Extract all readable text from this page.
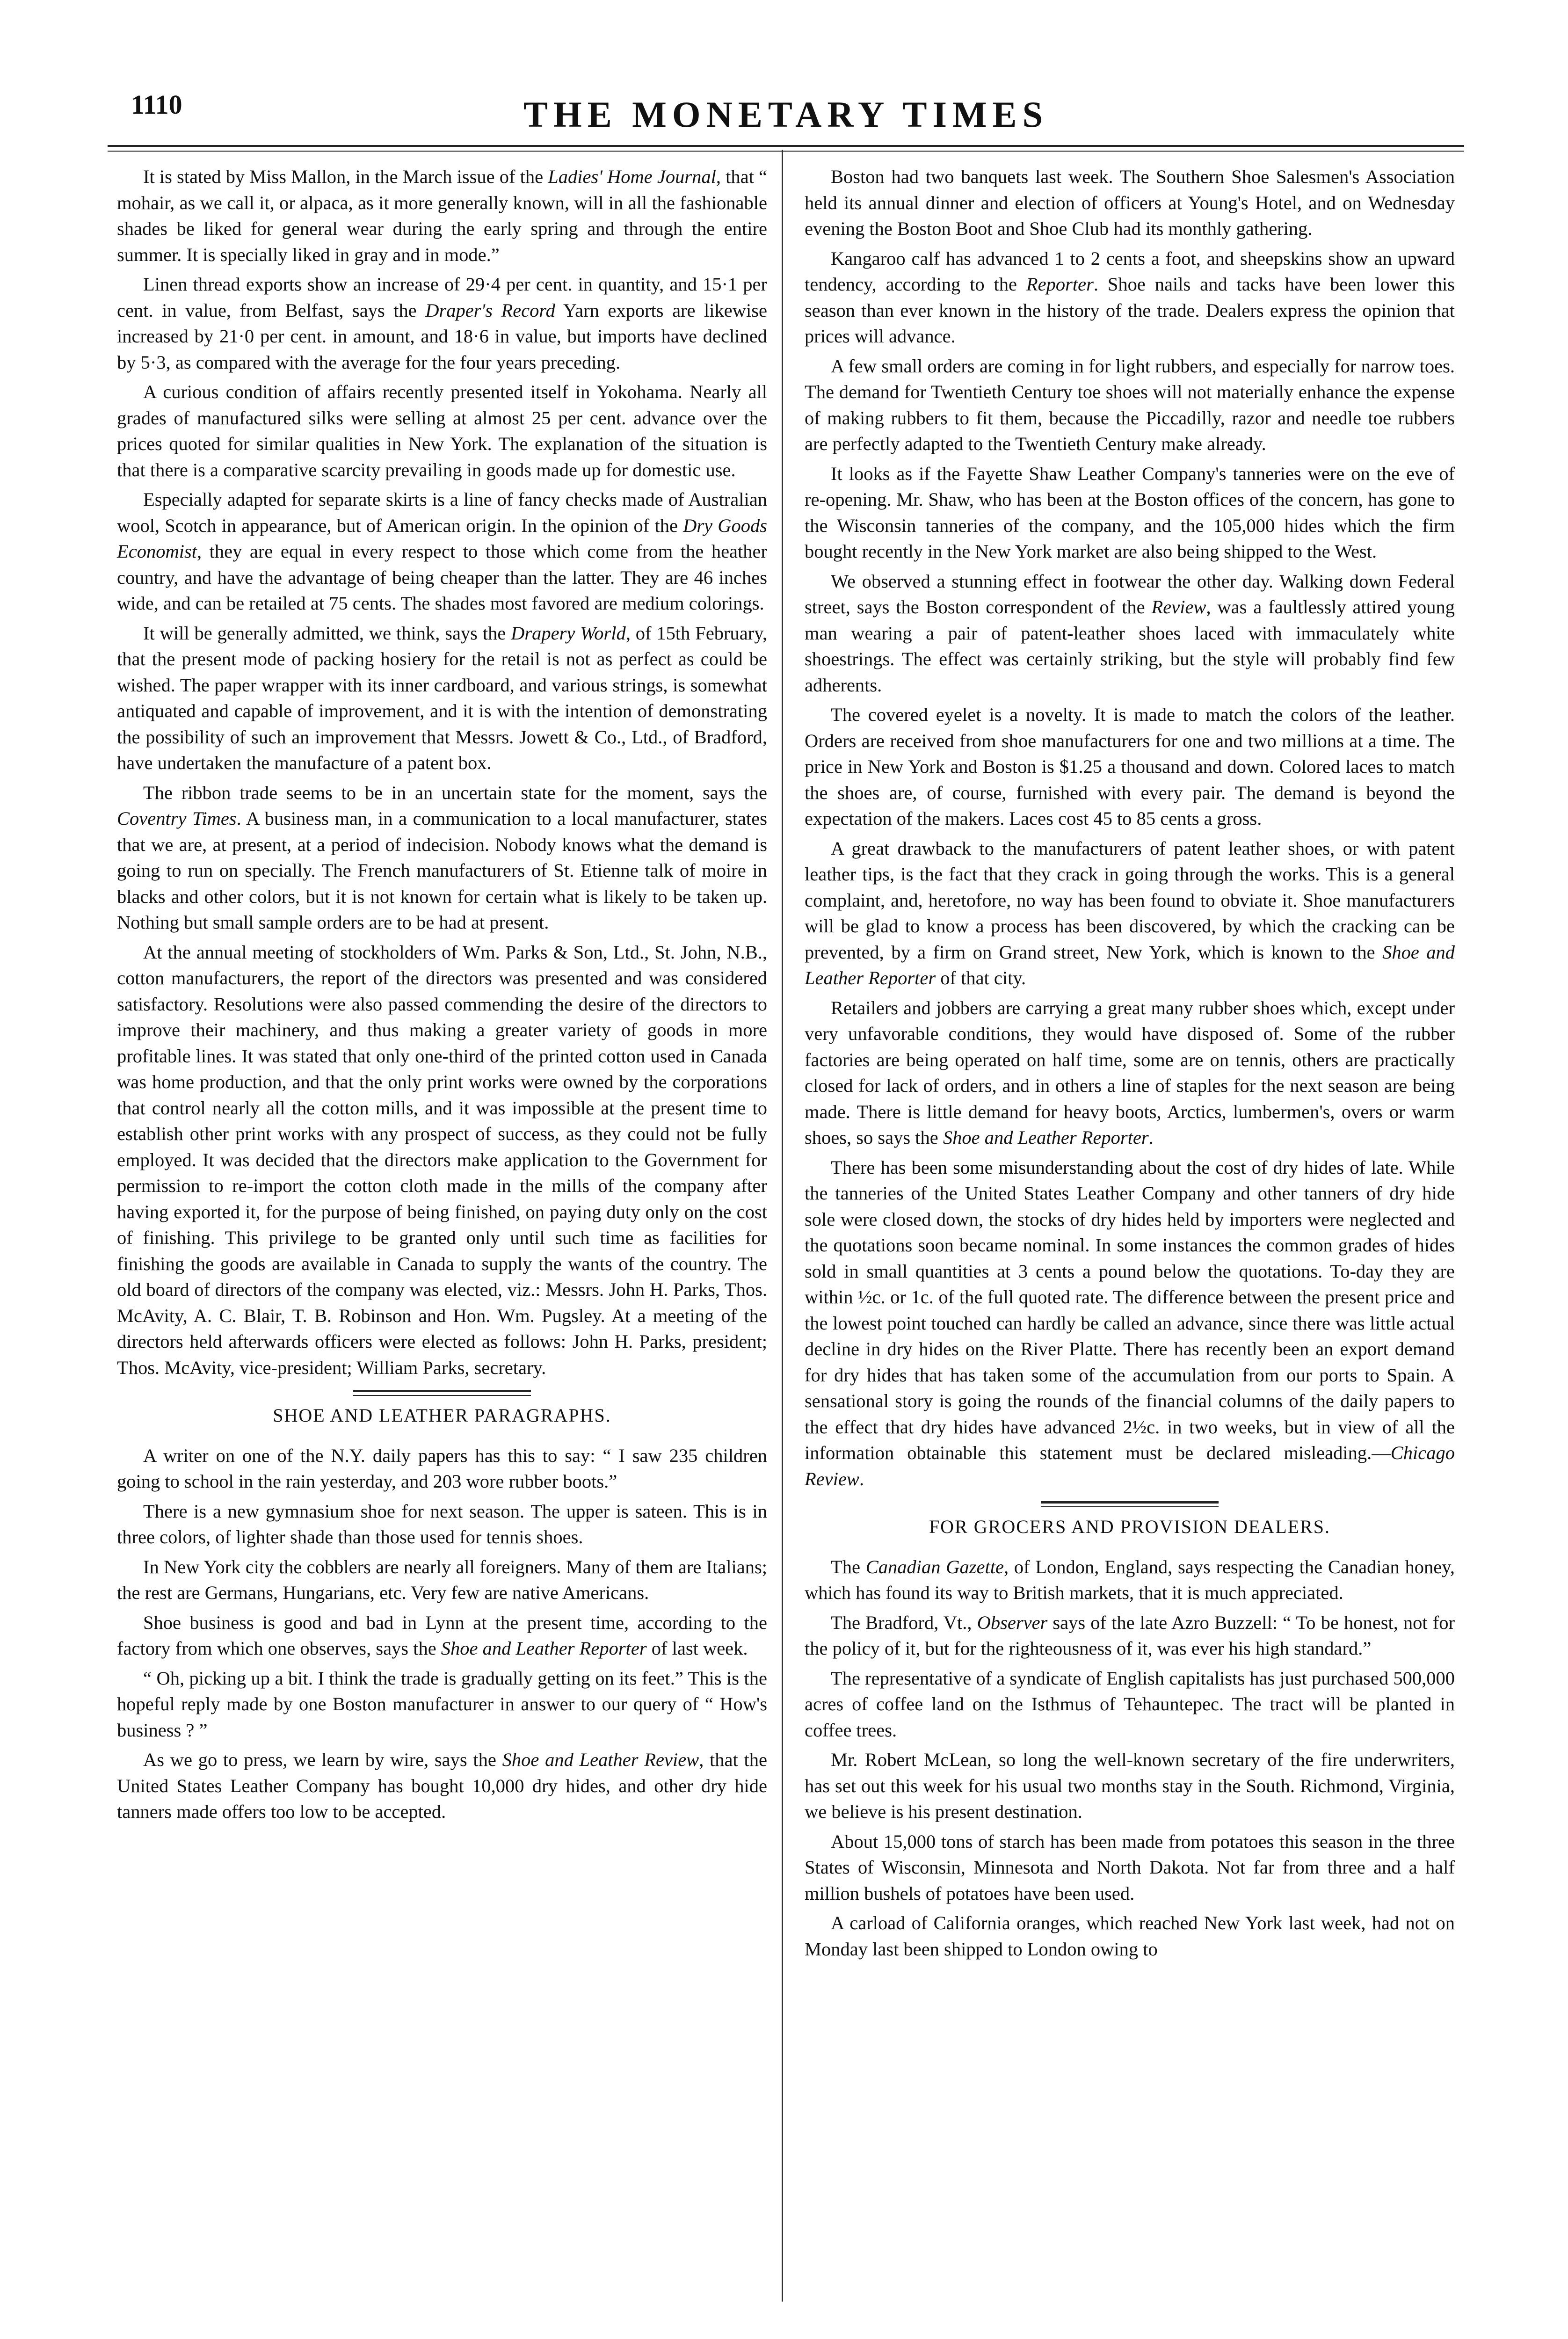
1110	THE MONETARY TIMES

It is stated by Miss Mallon, in the March issue of the Ladies' Home Journal, that “ mohair, as we call it, or alpaca, as it more generally known, will in all the fashionable shades be liked for general wear during the early spring and through the entire summer. It is specially liked in gray and in mode.”

Linen thread exports show an increase of 29·4 per cent. in quantity, and 15·1 per cent. in value, from Belfast, says the Draper's Record Yarn exports are likewise increased by 21·0 per cent. in amount, and 18·6 in value, but imports have declined by 5·3, as compared with the average for the four years preceding.

A curious condition of affairs recently presented itself in Yokohama. Nearly all grades of manufactured silks were selling at almost 25 per cent. advance over the prices quoted for similar qualities in New York. The explanation of the situation is that there is a comparative scarcity prevailing in goods made up for domestic use.

Especially adapted for separate skirts is a line of fancy checks made of Australian wool, Scotch in appearance, but of American origin. In the opinion of the Dry Goods Economist, they are equal in every respect to those which come from the heather country, and have the advantage of being cheaper than the latter. They are 46 inches wide, and can be retailed at 75 cents. The shades most favored are medium colorings.

It will be generally admitted, we think, says the Drapery World, of 15th February, that the present mode of packing hosiery for the retail is not as perfect as could be wished. The paper wrapper with its inner cardboard, and various strings, is somewhat antiquated and capable of improvement, and it is with the intention of demonstrating the possibility of such an improvement that Messrs. Jowett & Co., Ltd., of Bradford, have undertaken the manufacture of a patent box.

The ribbon trade seems to be in an uncertain state for the moment, says the Coventry Times. A business man, in a communication to a local manufacturer, states that we are, at present, at a period of indecision. Nobody knows what the demand is going to run on specially. The French manufacturers of St. Etienne talk of moire in blacks and other colors, but it is not known for certain what is likely to be taken up. Nothing but small sample orders are to be had at present.

At the annual meeting of stockholders of Wm. Parks & Son, Ltd., St. John, N.B., cotton manufacturers, the report of the directors was presented and was considered satisfactory. Resolutions were also passed commending the desire of the directors to improve their machinery, and thus making a greater variety of goods in more profitable lines. It was stated that only one-third of the printed cotton used in Canada was home production, and that the only print works were owned by the corporations that control nearly all the cotton mills, and it was impossible at the present time to establish other print works with any prospect of success, as they could not be fully employed. It was decided that the directors make application to the Government for permission to re-import the cotton cloth made in the mills of the company after having exported it, for the purpose of being finished, on paying duty only on the cost of finishing. This privilege to be granted only until such time as facilities for finishing the goods are available in Canada to supply the wants of the country. The old board of directors of the company was elected, viz.: Messrs. John H. Parks, Thos. McAvity, A. C. Blair, T. B. Robinson and Hon. Wm. Pugsley. At a meeting of the directors held afterwards officers were elected as follows: John H. Parks, president; Thos. McAvity, vice-president; William Parks, secretary.

SHOE AND LEATHER PARAGRAPHS.

A writer on one of the N.Y. daily papers has this to say: “ I saw 235 children going to school in the rain yesterday, and 203 wore rubber boots.”

There is a new gymnasium shoe for next season. The upper is sateen. This is in three colors, of lighter shade than those used for tennis shoes.

In New York city the cobblers are nearly all foreigners. Many of them are Italians; the rest are Germans, Hungarians, etc. Very few are native Americans.

Shoe business is good and bad in Lynn at the present time, according to the factory from which one observes, says the Shoe and Leather Reporter of last week.

“ Oh, picking up a bit. I think the trade is gradually getting on its feet.” This is the hopeful reply made by one Boston manufacturer in answer to our query of “ How's business ? ”

As we go to press, we learn by wire, says the Shoe and Leather Review, that the United States Leather Company has bought 10,000 dry hides, and other dry hide tanners made offers too low to be accepted.

Boston had two banquets last week. The Southern Shoe Salesmen's Association held its annual dinner and election of officers at Young's Hotel, and on Wednesday evening the Boston Boot and Shoe Club had its monthly gathering.

Kangaroo calf has advanced 1 to 2 cents a foot, and sheepskins show an upward tendency, according to the Reporter. Shoe nails and tacks have been lower this season than ever known in the history of the trade. Dealers express the opinion that prices will advance.

A few small orders are coming in for light rubbers, and especially for narrow toes. The demand for Twentieth Century toe shoes will not materially enhance the expense of making rubbers to fit them, because the Piccadilly, razor and needle toe rubbers are perfectly adapted to the Twentieth Century make already.

It looks as if the Fayette Shaw Leather Company's tanneries were on the eve of re-opening. Mr. Shaw, who has been at the Boston offices of the concern, has gone to the Wisconsin tanneries of the company, and the 105,000 hides which the firm bought recently in the New York market are also being shipped to the West.

We observed a stunning effect in footwear the other day. Walking down Federal street, says the Boston correspondent of the Review, was a faultlessly attired young man wearing a pair of patent-leather shoes laced with immaculately white shoestrings. The effect was certainly striking, but the style will probably find few adherents.

The covered eyelet is a novelty. It is made to match the colors of the leather. Orders are received from shoe manufacturers for one and two millions at a time. The price in New York and Boston is $1.25 a thousand and down. Colored laces to match the shoes are, of course, furnished with every pair. The demand is beyond the expectation of the makers. Laces cost 45 to 85 cents a gross.

A great drawback to the manufacturers of patent leather shoes, or with patent leather tips, is the fact that they crack in going through the works. This is a general complaint, and, heretofore, no way has been found to obviate it. Shoe manufacturers will be glad to know a process has been discovered, by which the cracking can be prevented, by a firm on Grand street, New York, which is known to the Shoe and Leather Reporter of that city.

Retailers and jobbers are carrying a great many rubber shoes which, except under very unfavorable conditions, they would have disposed of. Some of the rubber factories are being operated on half time, some are on tennis, others are practically closed for lack of orders, and in others a line of staples for the next season are being made. There is little demand for heavy boots, Arctics, lumbermen's, overs or warm shoes, so says the Shoe and Leather Reporter.

There has been some misunderstanding about the cost of dry hides of late. While the tanneries of the United States Leather Company and other tanners of dry hide sole were closed down, the stocks of dry hides held by importers were neglected and the quotations soon became nominal. In some instances the common grades of hides sold in small quantities at 3 cents a pound below the quotations. To-day they are within ½c. or 1c. of the full quoted rate. The difference between the present price and the lowest point touched can hardly be called an advance, since there was little actual decline in dry hides on the River Platte. There has recently been an export demand for dry hides that has taken some of the accumulation from our ports to Spain. A sensational story is going the rounds of the financial columns of the daily papers to the effect that dry hides have advanced 2½c. in two weeks, but in view of all the information obtainable this statement must be declared misleading.—Chicago Review.

FOR GROCERS AND PROVISION DEALERS.

The Canadian Gazette, of London, England, says respecting the Canadian honey, which has found its way to British markets, that it is much appreciated.

The Bradford, Vt., Observer says of the late Azro Buzzell: “ To be honest, not for the policy of it, but for the righteousness of it, was ever his high standard.”

The representative of a syndicate of English capitalists has just purchased 500,000 acres of coffee land on the Isthmus of Tehauntepec. The tract will be planted in coffee trees.

Mr. Robert McLean, so long the well-known secretary of the fire underwriters, has set out this week for his usual two months stay in the South. Richmond, Virginia, we believe is his present destination.

About 15,000 tons of starch has been made from potatoes this season in the three States of Wisconsin, Minnesota and North Dakota. Not far from three and a half million bushels of potatoes have been used.

A carload of California oranges, which reached New York last week, had not on Monday last been shipped to London owing to
